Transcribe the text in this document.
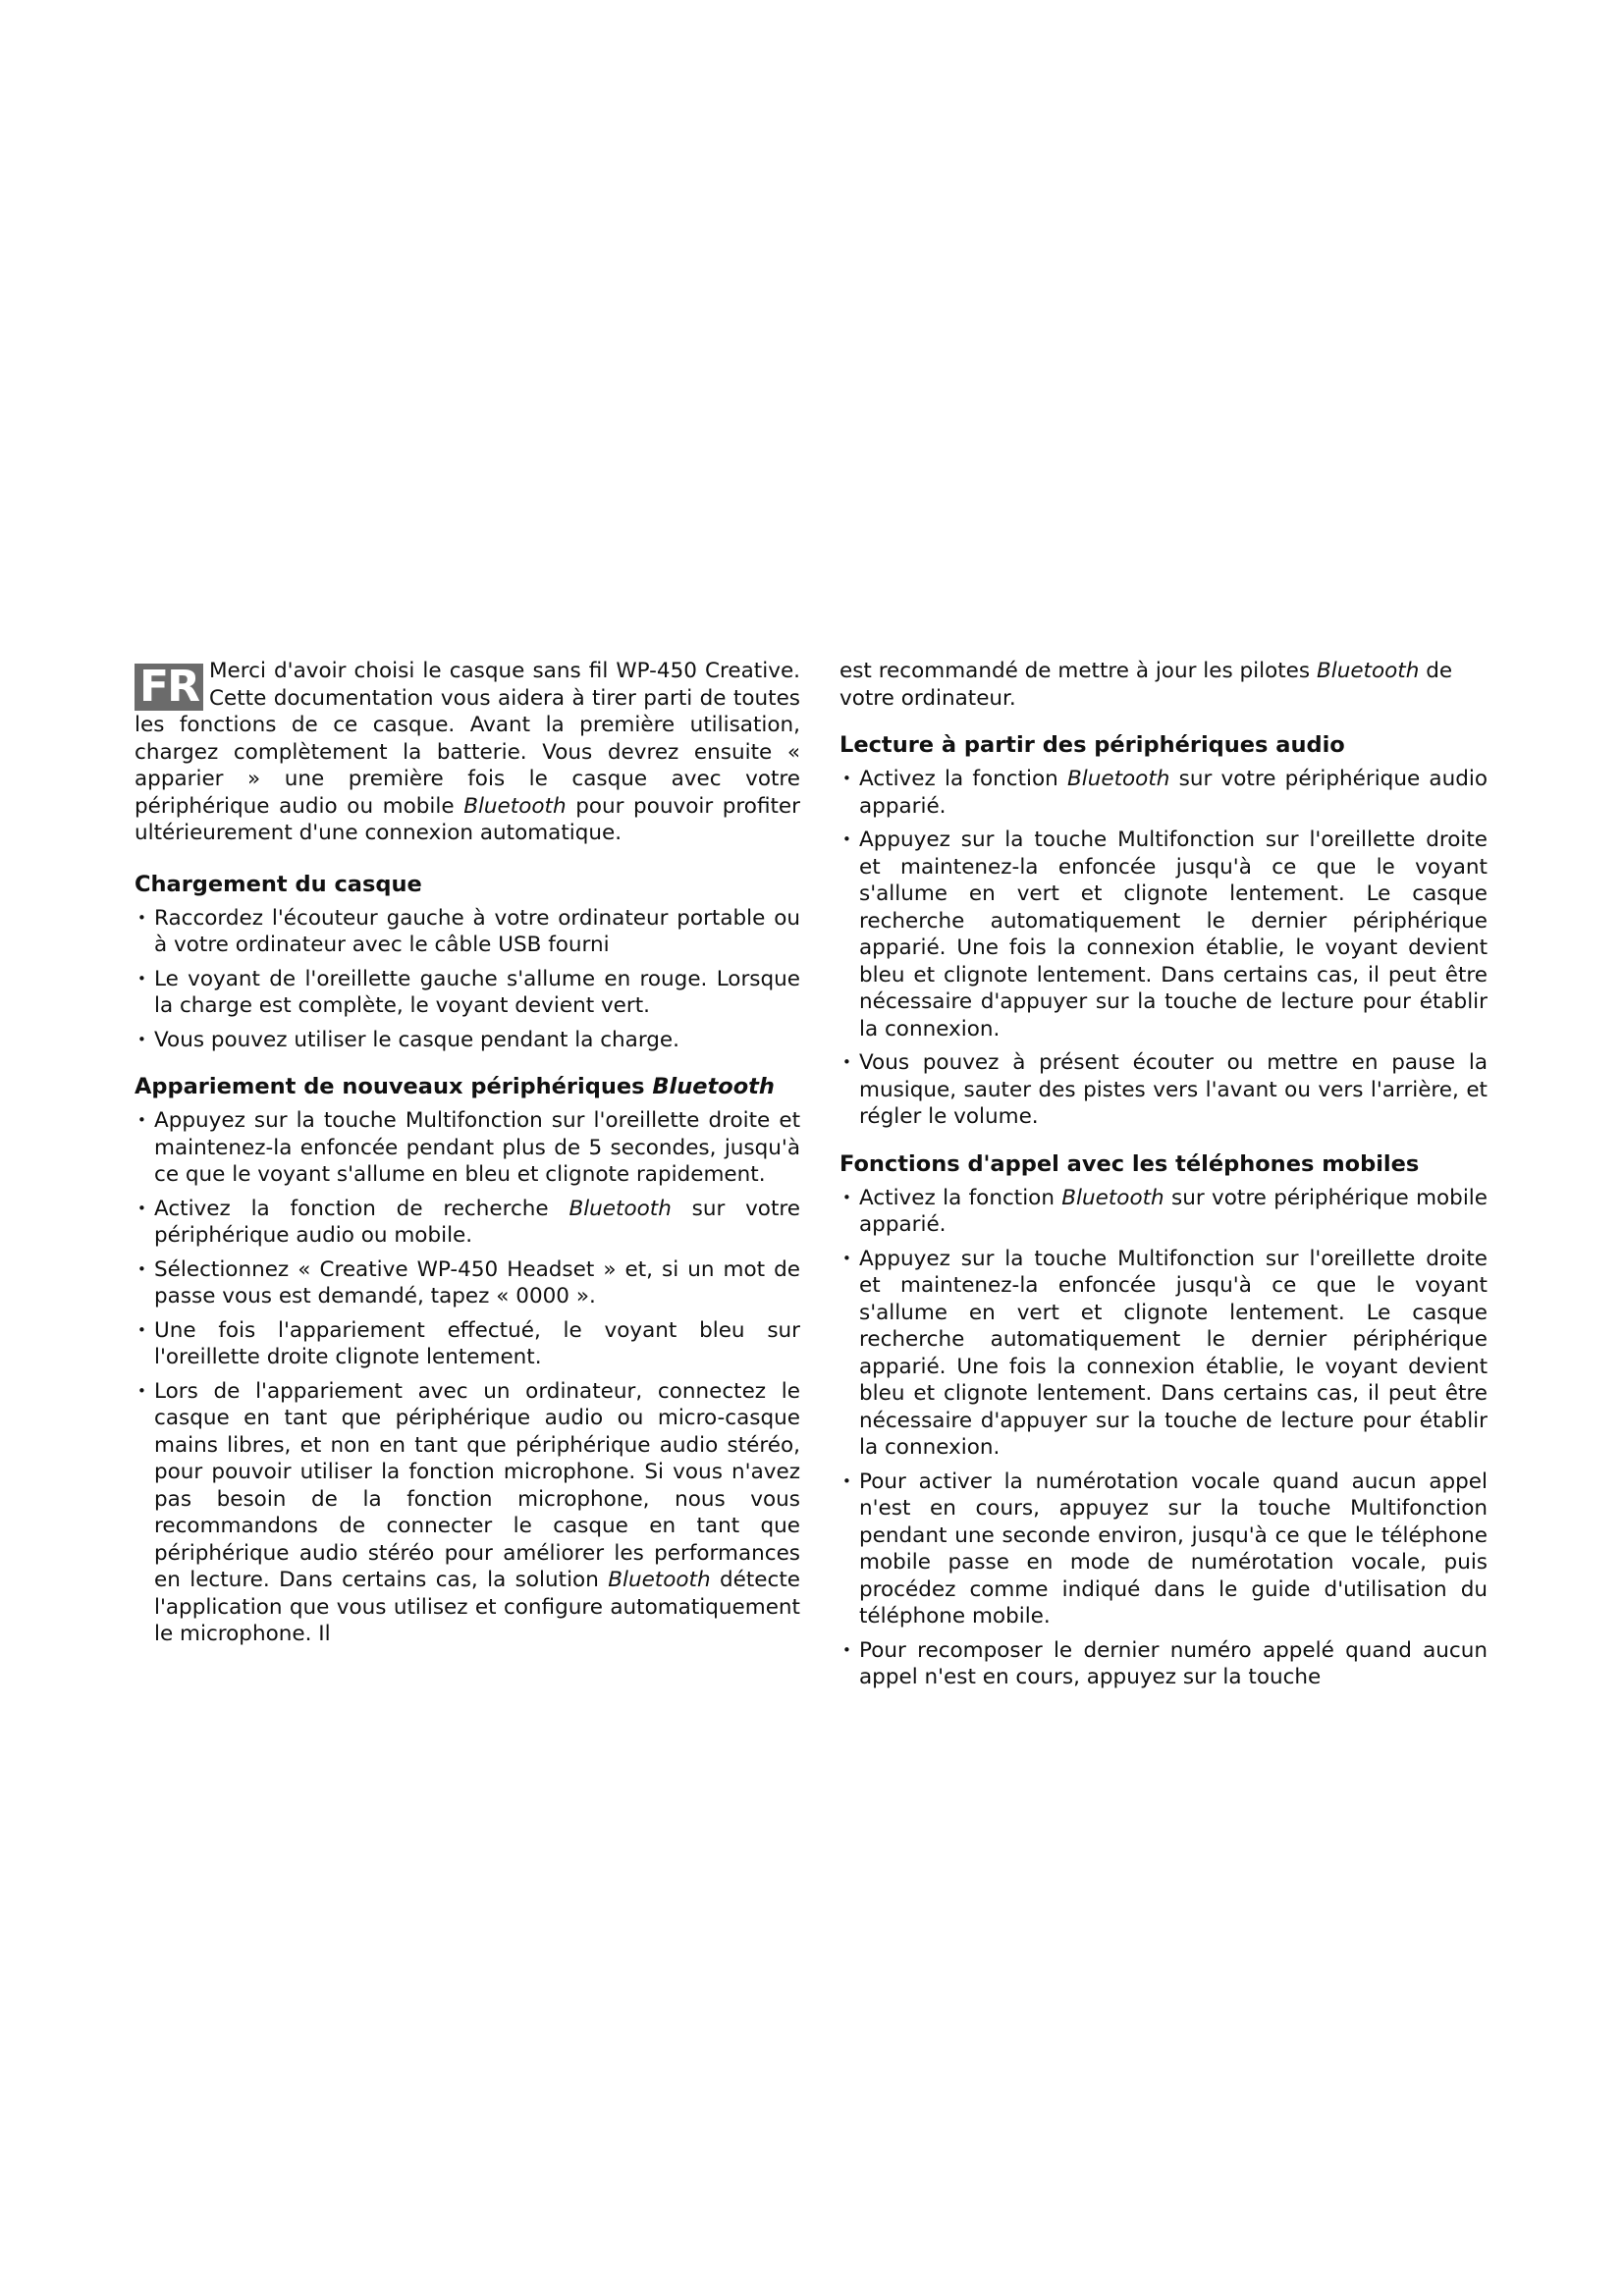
FR Merci d'avoir choisi le casque sans fil WP-450 Creative. Cette documentation vous aidera à tirer parti de toutes les fonctions de ce casque. Avant la première utilisation, chargez complètement la batterie. Vous devrez ensuite « apparier » une première fois le casque avec votre périphérique audio ou mobile Bluetooth pour pouvoir profiter ultérieurement d'une connexion automatique.

Chargement du casque
• Raccordez l'écouteur gauche à votre ordinateur portable ou à votre ordinateur avec le câble USB fourni
• Le voyant de l'oreillette gauche s'allume en rouge. Lorsque la charge est complète, le voyant devient vert.
• Vous pouvez utiliser le casque pendant la charge.
Appariement de nouveaux périphériques Bluetooth
• Appuyez sur la touche Multifonction sur l'oreillette droite et maintenez-la enfoncée pendant plus de 5 secondes, jusqu'à ce que le voyant s'allume en bleu et clignote rapidement.
• Activez la fonction de recherche Bluetooth sur votre périphérique audio ou mobile.
• Sélectionnez « Creative WP-450 Headset » et, si un mot de passe vous est demandé, tapez « 0000 ».
• Une fois l'appariement effectué, le voyant bleu sur l'oreillette droite clignote lentement.
• Lors de l'appariement avec un ordinateur, connectez le casque en tant que périphérique audio ou micro-casque mains libres, et non en tant que périphérique audio stéréo, pour pouvoir utiliser la fonction microphone. Si vous n'avez pas besoin de la fonction microphone, nous vous recommandons de connecter le casque en tant que périphérique audio stéréo pour améliorer les performances en lecture. Dans certains cas, la solution Bluetooth détecte l'application que vous utilisez et configure automatiquement le microphone. Il

est recommandé de mettre à jour les pilotes Bluetooth de votre ordinateur.

Lecture à partir des périphériques audio
• Activez la fonction Bluetooth sur votre périphérique audio apparié.
• Appuyez sur la touche Multifonction sur l'oreillette droite et maintenez-la enfoncée jusqu'à ce que le voyant s'allume en vert et clignote lentement. Le casque recherche automatiquement le dernier périphérique apparié. Une fois la connexion établie, le voyant devient bleu et clignote lentement. Dans certains cas, il peut être nécessaire d'appuyer sur la touche de lecture pour établir la connexion.
• Vous pouvez à présent écouter ou mettre en pause la musique, sauter des pistes vers l'avant ou vers l'arrière, et régler le volume.
Fonctions d'appel avec les téléphones mobiles
• Activez la fonction Bluetooth sur votre périphérique mobile apparié.
• Appuyez sur la touche Multifonction sur l'oreillette droite et maintenez-la enfoncée jusqu'à ce que le voyant s'allume en vert et clignote lentement. Le casque recherche automatiquement le dernier périphérique apparié. Une fois la connexion établie, le voyant devient bleu et clignote lentement. Dans certains cas, il peut être nécessaire d'appuyer sur la touche de lecture pour établir la connexion.
• Pour activer la numérotation vocale quand aucun appel n'est en cours, appuyez sur la touche Multifonction pendant une seconde environ, jusqu'à ce que le téléphone mobile passe en mode de numérotation vocale, puis procédez comme indiqué dans le guide d'utilisation du téléphone mobile.
• Pour recomposer le dernier numéro appelé quand aucun appel n'est en cours, appuyez sur la touche
